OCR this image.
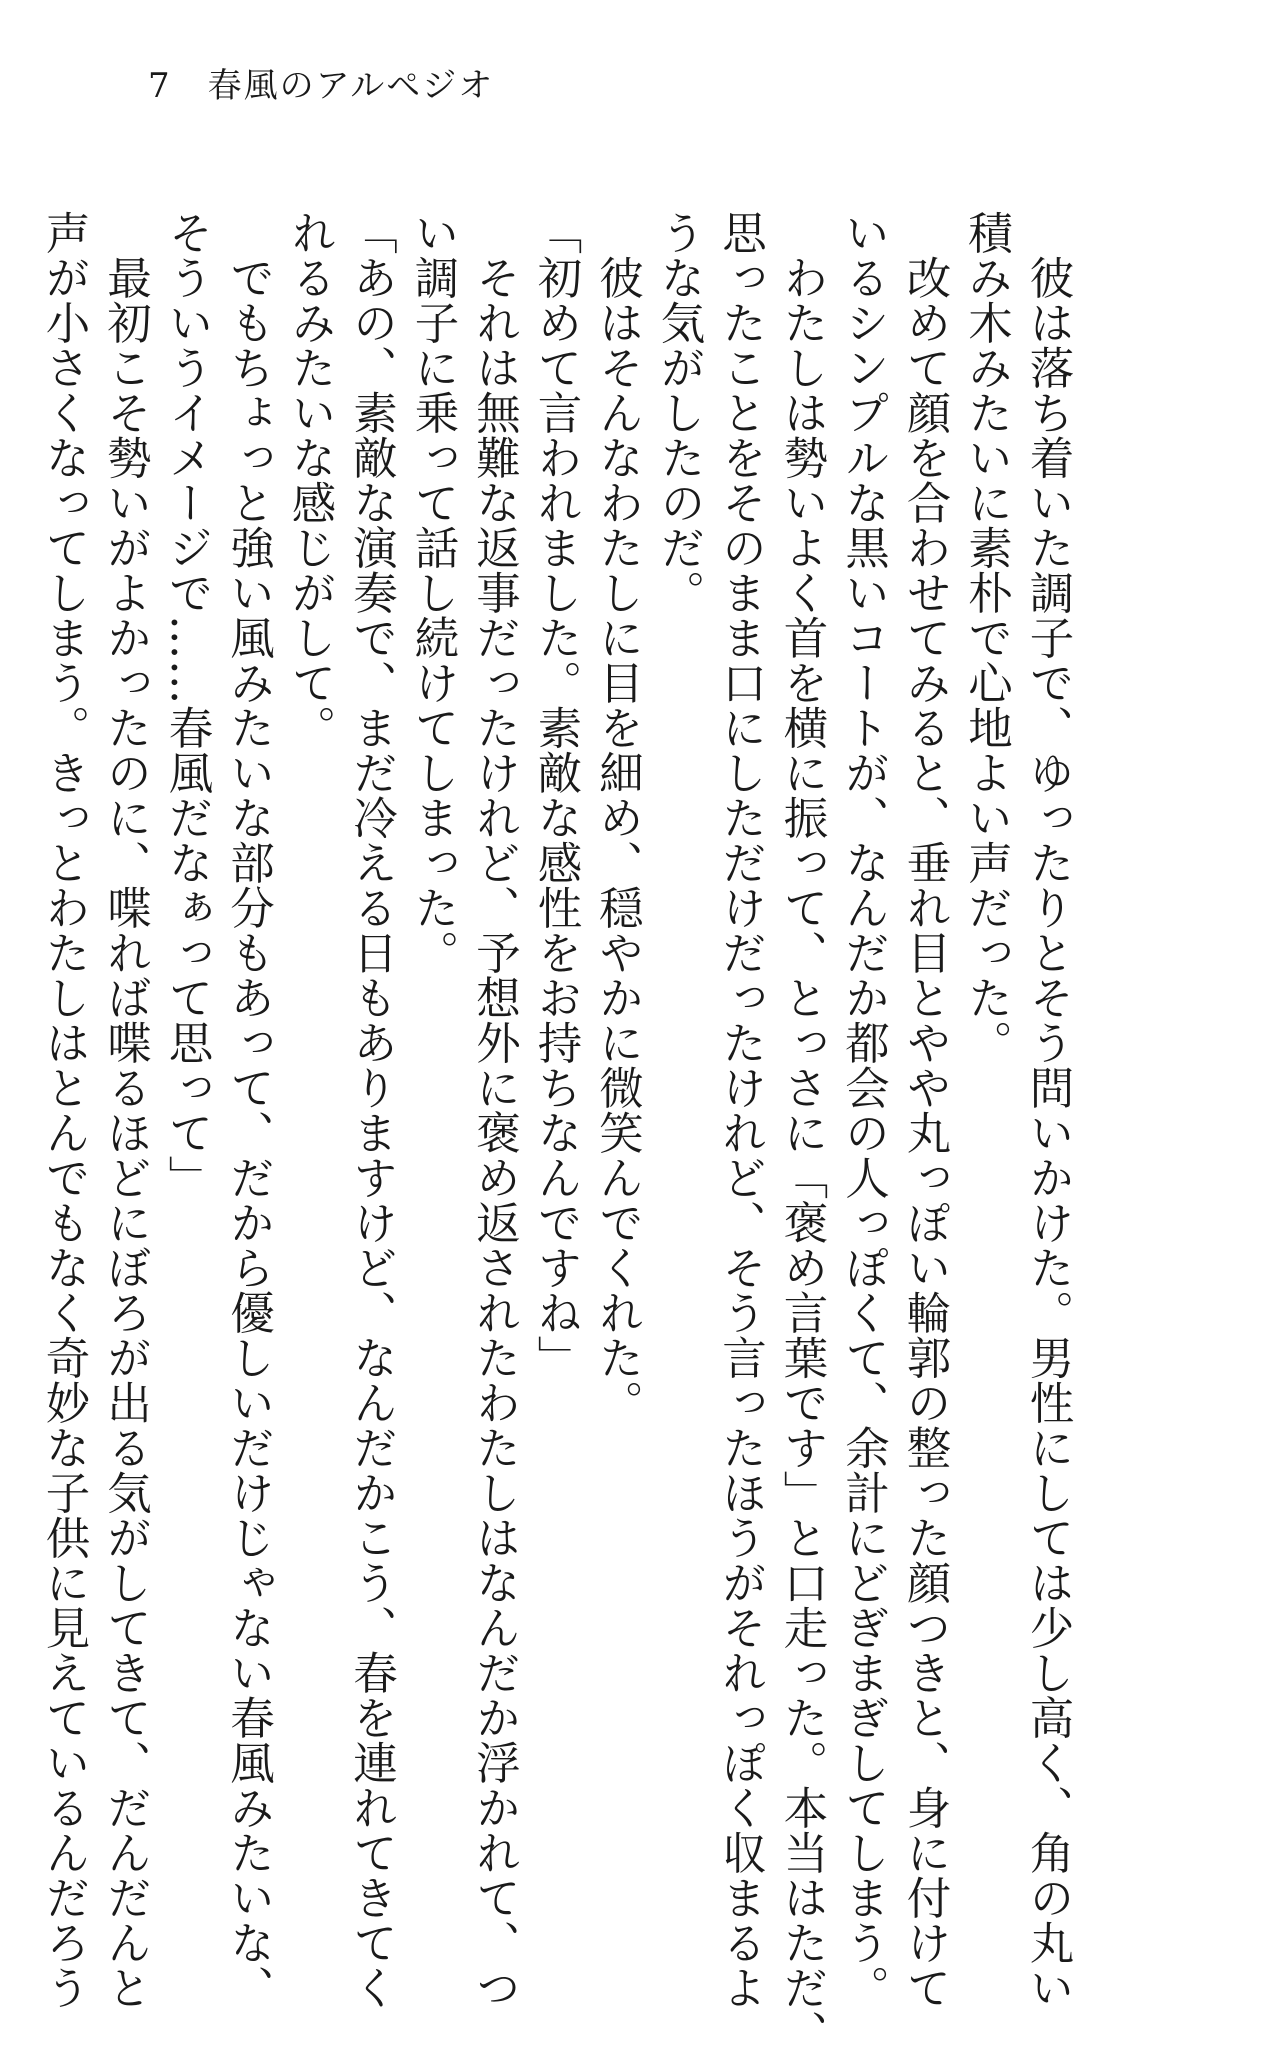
7 春風のアルペジオ
　彼は落ち着いた調子で、ゆったりとそう問いかけた。男性にしては少し高く、角の丸い
積み木みたいに素朴で心地よい声だった。
　改めて顔を合わせてみると、垂れ目とやや丸っぽい輪郭の整った顔つきと、身に付けて
いるシンプルな黒いコートが、なんだか都会の人っぽくて、余計にどぎまぎしてしまう。
　わたしは勢いよく首を横に振って、とっさに「褒め言葉です」と口走った。本当はただ、
思ったことをそのまま口にしただけだったけれど、そう言ったほうがそれっぽく収まるよ
うな気がしたのだ。
　彼はそんなわたしに目を細め、穏やかに微笑んでくれた。
「初めて言われました。素敵な感性をお持ちなんですね」
　それは無難な返事だったけれど、予想外に褒め返されたわたしはなんだか浮かれて、つ
い調子に乗って話し続けてしまった。
「あの、素敵な演奏で、まだ冷える日もありますけど、なんだかこう、春を連れてきてく
れるみたいな感じがして。
　でもちょっと強い風みたいな部分もあって、だから優しいだけじゃない春風みたいな、
そういうイメージで……春風だなぁって思って」
　最初こそ勢いがよかったのに、喋れば喋るほどにぼろが出る気がしてきて、だんだんと
声が小さくなってしまう。きっとわたしはとんでもなく奇妙な子供に見えているんだろう
